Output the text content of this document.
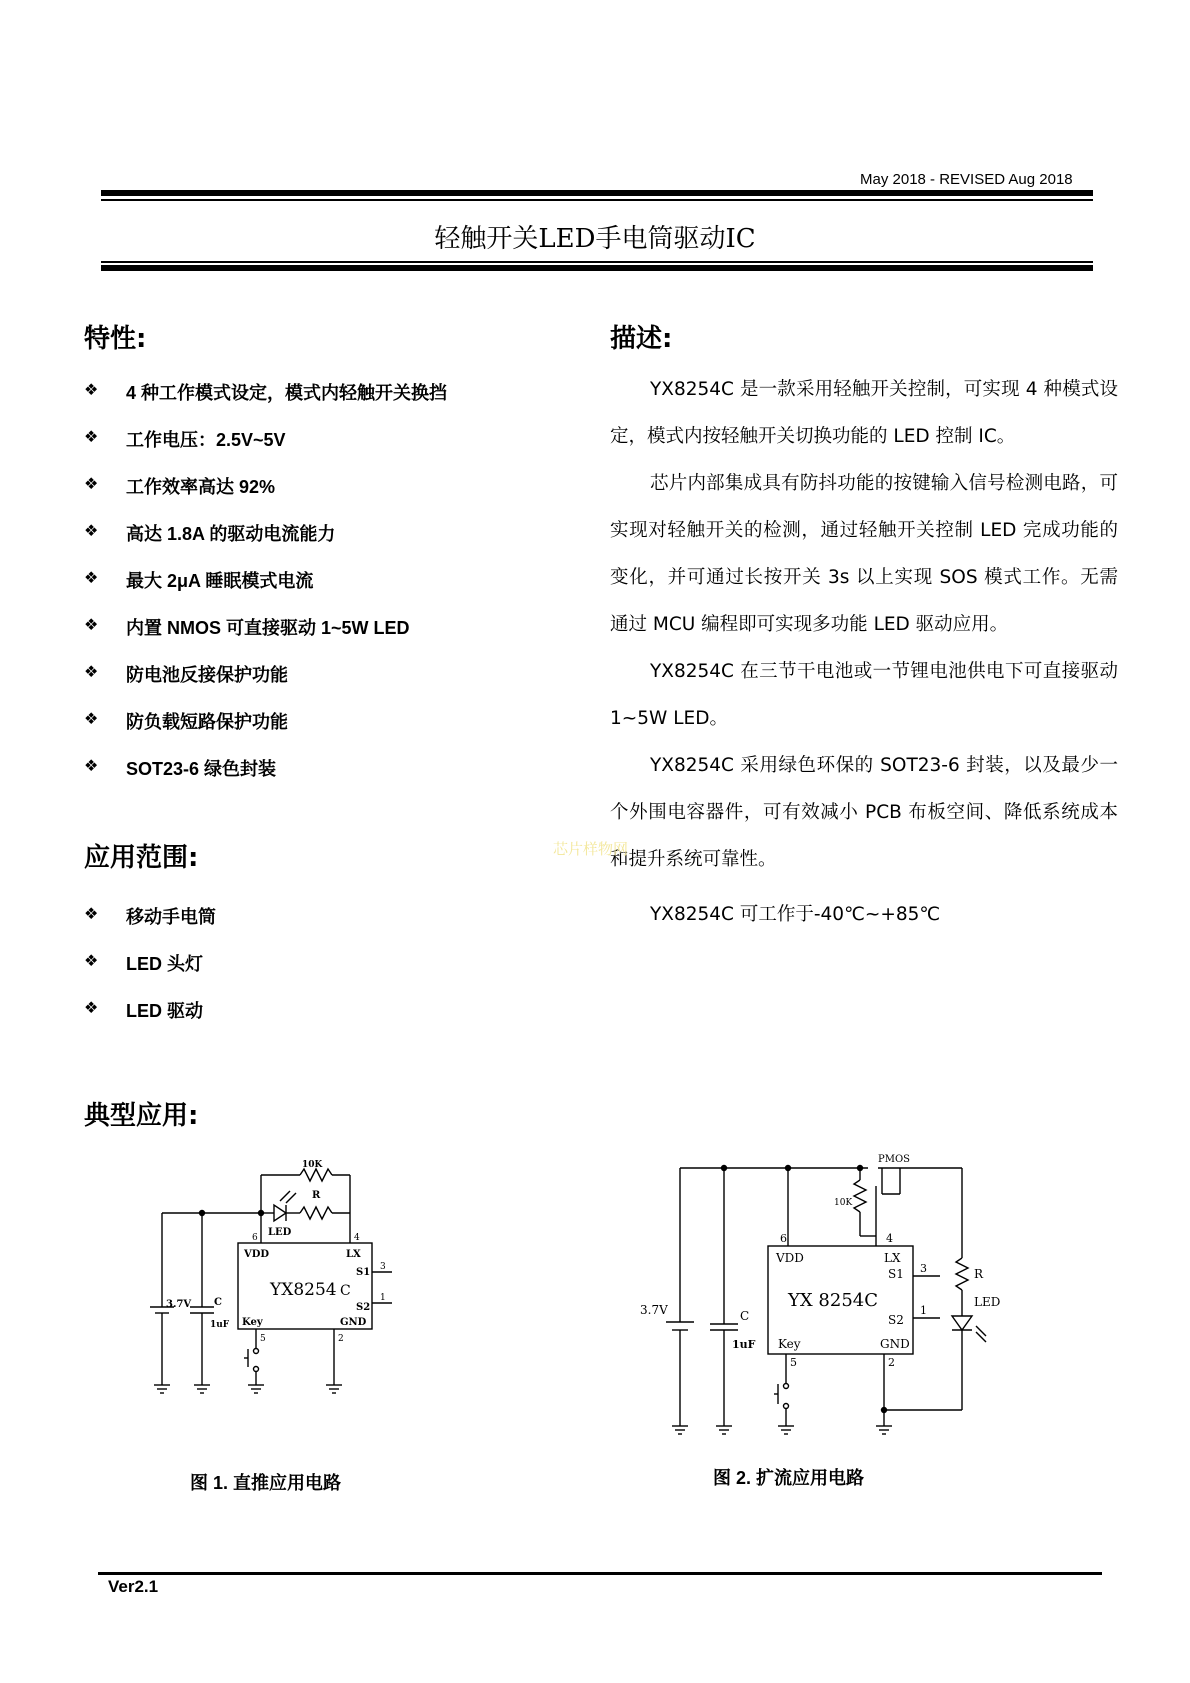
May 2018 - REVISED Aug 2018
轻触开关LED手电筒驱动IC
特性:
❖ 4 种工作模式设定，模式内轻触开关换挡
❖ 工作电压：2.5V~5V
❖ 工作效率高达 92%
❖ 高达 1.8A 的驱动电流能力
❖ 最大 2μA 睡眠模式电流
❖ 内置 NMOS 可直接驱动 1~5W LED
❖ 防电池反接保护功能
❖ 防负载短路保护功能
❖ SOT23-6 绿色封装
应用范围:
❖ 移动手电筒
❖ LED 头灯
❖ LED 驱动
描述:

YX8254C 是一款采用轻触开关控制，可实现 4 种模式设定，模式内按轻触开关切换功能的 LED 控制 IC。

芯片内部集成具有防抖功能的按键输入信号检测电路，可实现对轻触开关的检测，通过轻触开关控制 LED 完成功能的变化，并可通过长按开关 3s 以上实现 SOS 模式工作。无需通过 MCU 编程即可实现多功能 LED 驱动应用。

YX8254C 在三节干电池或一节锂电池供电下可直接驱动 1~5W LED。

YX8254C 采用绿色环保的 SOT23-6 封装，以及最少一个外围电容器件，可有效减小 PCB 布板空间、降低系统成本和提升系统可靠性。

YX8254C 可工作于-40℃~+85℃

芯片样物网
典型应用:
10K
R
LED
6	4
VDD	LX
S1
S2
3
1
YX8254 C
Key	GND
5	2
3.7V C
1uF
图 1. 直推应用电路
PMOS
10K
6	4
VDD	LX
S1
S2
3
1
YX 8254C
Key	GND
5	2
R
LED
3.7V	C
1uF
图 2. 扩流应用电路
Ver2.1
